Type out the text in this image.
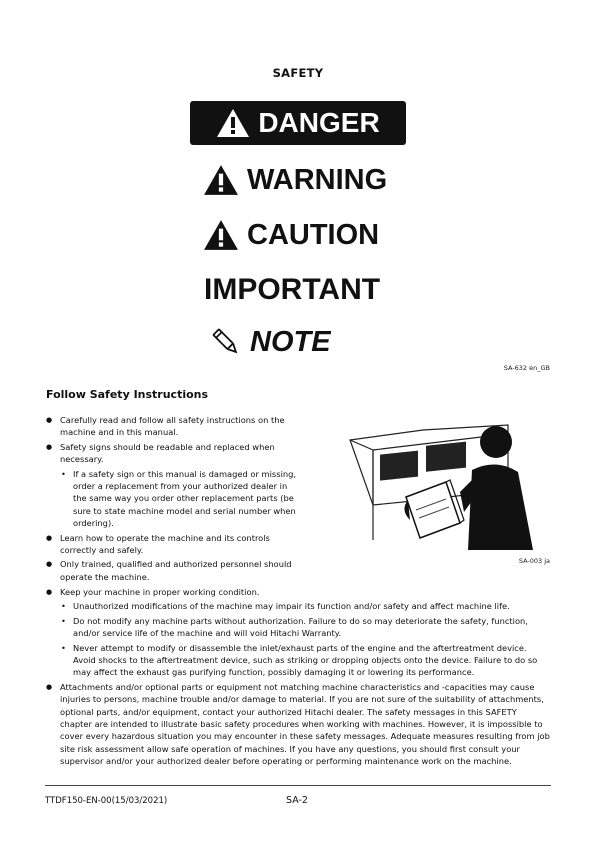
SAFETY
DANGER
WARNING
CAUTION
IMPORTANT
NOTE
SA-632 en_GB
Follow Safety Instructions
● Carefully read and follow all safety instructions on the machine and in this manual.
● Safety signs should be readable and replaced when necessary.
• If a safety sign or this manual is damaged or missing, order a replacement from your authorized dealer in the same way you order other replacement parts (be sure to state machine model and serial number when ordering).
● Learn how to operate the machine and its controls correctly and safely.
● Only trained, qualified and authorized personnel should operate the machine.
● Keep your machine in proper working condition.
• Unauthorized modifications of the machine may impair its function and/or safety and affect machine life.
• Do not modify any machine parts without authorization. Failure to do so may deteriorate the safety, function, and/or service life of the machine and will void Hitachi Warranty.
• Never attempt to modify or disassemble the inlet/exhaust parts of the engine and the aftertreatment device. Avoid shocks to the aftertreatment device, such as striking or dropping objects onto the device. Failure to do so may affect the exhaust gas purifying function, possibly damaging it or lowering its performance.
● Attachments and/or optional parts or equipment not matching machine characteristics and -capacities may cause injuries to persons, machine trouble and/or damage to material. If you are not sure of the suitability of attachments, optional parts, and/or equipment, contact your authorized Hitachi dealer. The safety messages in this SAFETY chapter are intended to illustrate basic safety procedures when working with machines. However, it is impossible to cover every hazardous situation you may encounter in these safety messages. Adequate measures resulting from job site risk assessment allow safe operation of machines. If you have any questions, you should first consult your supervisor and/or your authorized dealer before operating or performing maintenance work on the machine.
SA-003 ja
TTDF150-EN-00(15/03/2021)	SA-2
